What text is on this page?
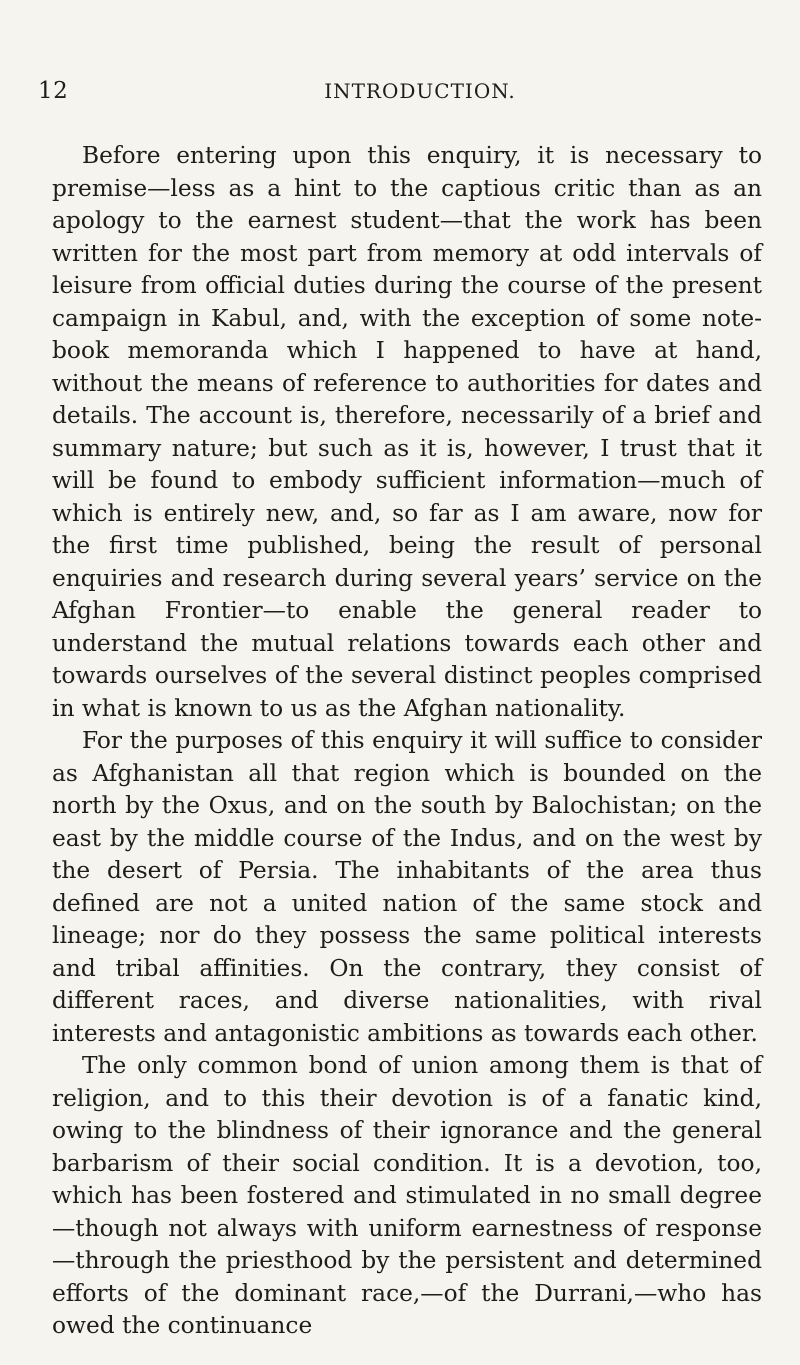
12	INTRODUCTION.

Before entering upon this enquiry, it is necessary to premise—less as a hint to the captious critic than as an apology to the earnest student—that the work has been written for the most part from memory at odd intervals of leisure from official duties during the course of the present campaign in Kabul, and, with the exception of some note-book memoranda which I happened to have at hand, without the means of reference to authorities for dates and details. The account is, therefore, necessarily of a brief and summary nature; but such as it is, however, I trust that it will be found to embody sufficient information—much of which is entirely new, and, so far as I am aware, now for the first time published, being the result of personal enquiries and research during several years’ service on the Afghan Frontier—to enable the general reader to understand the mutual relations towards each other and towards ourselves of the several distinct peoples comprised in what is known to us as the Afghan nationality.

For the purposes of this enquiry it will suffice to consider as Afghanistan all that region which is bounded on the north by the Oxus, and on the south by Balochistan; on the east by the middle course of the Indus, and on the west by the desert of Persia. The inhabitants of the area thus defined are not a united nation of the same stock and lineage; nor do they possess the same political interests and tribal affinities. On the contrary, they consist of different races, and diverse nationalities, with rival interests and antagonistic ambitions as towards each other.

The only common bond of union among them is that of religion, and to this their devotion is of a fanatic kind, owing to the blindness of their ignorance and the general barbarism of their social condition. It is a devotion, too, which has been fostered and stimulated in no small degree—though not always with uniform earnestness of response—through the priesthood by the persistent and determined efforts of the dominant race,—of the Durrani,—who has owed the continuance
